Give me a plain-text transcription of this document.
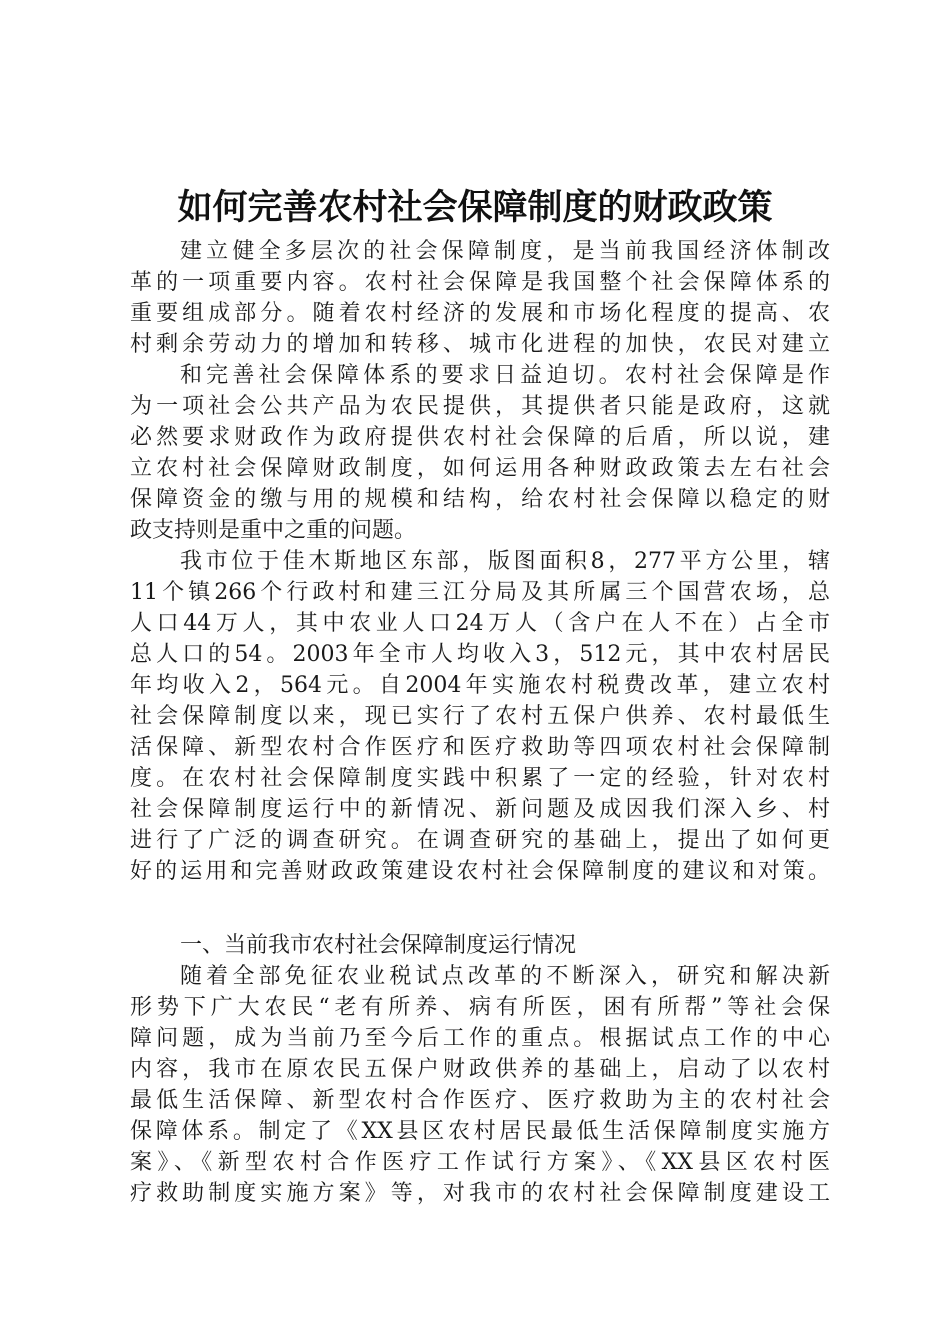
如何完善农村社会保障制度的财政政策
建立健全多层次的社会保障制度，是当前我国经济体制改
革的一项重要内容。农村社会保障是我国整个社会保障体系的
重要组成部分。随着农村经济的发展和市场化程度的提高、农
村剩余劳动力的增加和转移、城市化进程的加快，农民对建立
和完善社会保障体系的要求日益迫切。农村社会保障是作
为一项社会公共产品为农民提供，其提供者只能是政府，这就
必然要求财政作为政府提供农村社会保障的后盾，所以说，建
立农村社会保障财政制度，如何运用各种财政政策去左右社会
保障资金的缴与用的规模和结构，给农村社会保障以稳定的财
政支持则是重中之重的问题。
我市位于佳木斯地区东部，版图面积8，277平方公里，辖
11个镇266个行政村和建三江分局及其所属三个国营农场，总
人口44万人，其中农业人口24万人（含户在人不在）占全市
总人口的54。2003年全市人均收入3，512元，其中农村居民
年均收入2，564元。自2004年实施农村税费改革，建立农村
社会保障制度以来，现已实行了农村五保户供养、农村最低生
活保障、新型农村合作医疗和医疗救助等四项农村社会保障制
度。在农村社会保障制度实践中积累了一定的经验，针对农村
社会保障制度运行中的新情况、新问题及成因我们深入乡、村
进行了广泛的调查研究。在调查研究的基础上，提出了如何更
好的运用和完善财政政策建设农村社会保障制度的建议和对策。
一、当前我市农村社会保障制度运行情况
随着全部免征农业税试点改革的不断深入，研究和解决新
形势下广大农民“老有所养、病有所医，困有所帮”等社会保
障问题，成为当前乃至今后工作的重点。根据试点工作的中心
内容，我市在原农民五保户财政供养的基础上，启动了以农村
最低生活保障、新型农村合作医疗、医疗救助为主的农村社会
保障体系。制定了《XX县区农村居民最低生活保障制度实施方
案》、《新型农村合作医疗工作试行方案》、《XX县区农村医
疗救助制度实施方案》等，对我市的农村社会保障制度建设工
